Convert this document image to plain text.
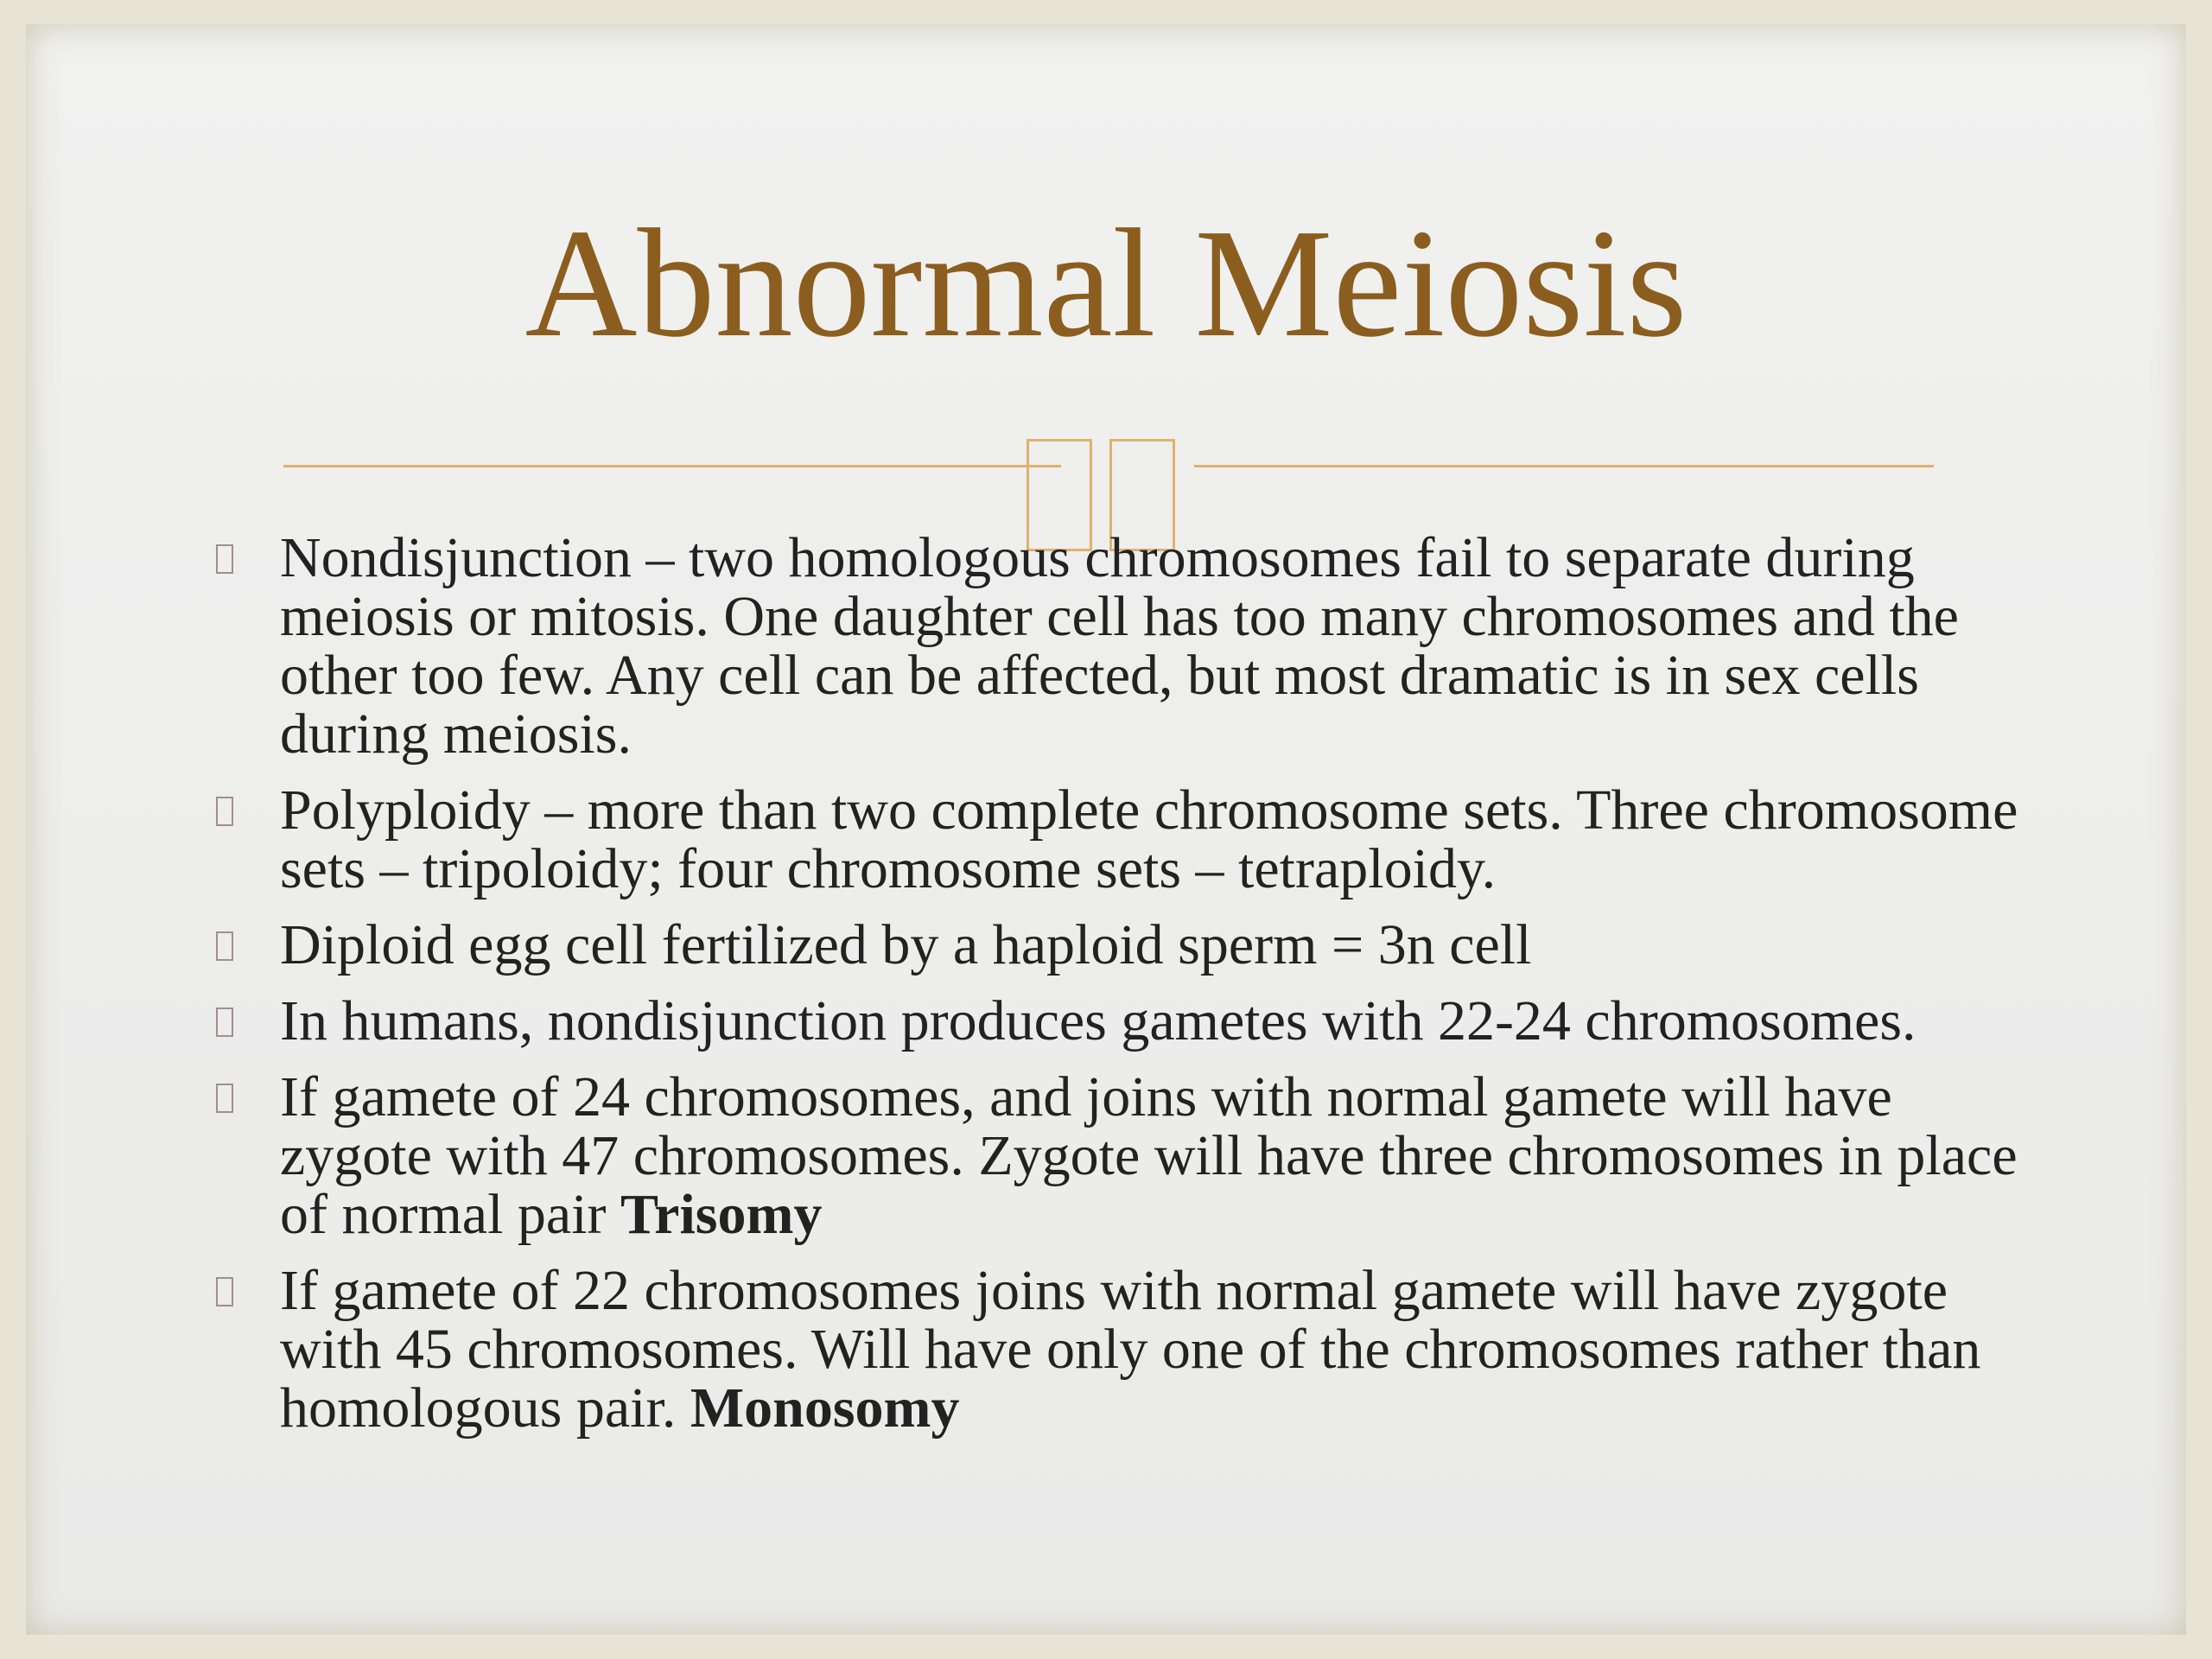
Abnormal Meiosis
Nondisjunction – two homologous chromosomes fail to separate during meiosis or mitosis. One daughter cell has too many chromosomes and the other too few. Any cell can be affected, but most dramatic is in sex cells during meiosis.
Polyploidy – more than two complete chromosome sets. Three chromosome sets – tripoloidy; four chromosome sets – tetraploidy.
Diploid egg cell fertilized by a haploid sperm = 3n cell
In humans, nondisjunction produces gametes with 22-24 chromosomes.
If gamete of 24 chromosomes, and joins with normal gamete will have zygote with 47 chromosomes. Zygote will have three chromosomes in place of normal pair Trisomy
If gamete of 22 chromosomes joins with normal gamete will have zygote with 45 chromosomes. Will have only one of the chromosomes rather than homologous pair. Monosomy
